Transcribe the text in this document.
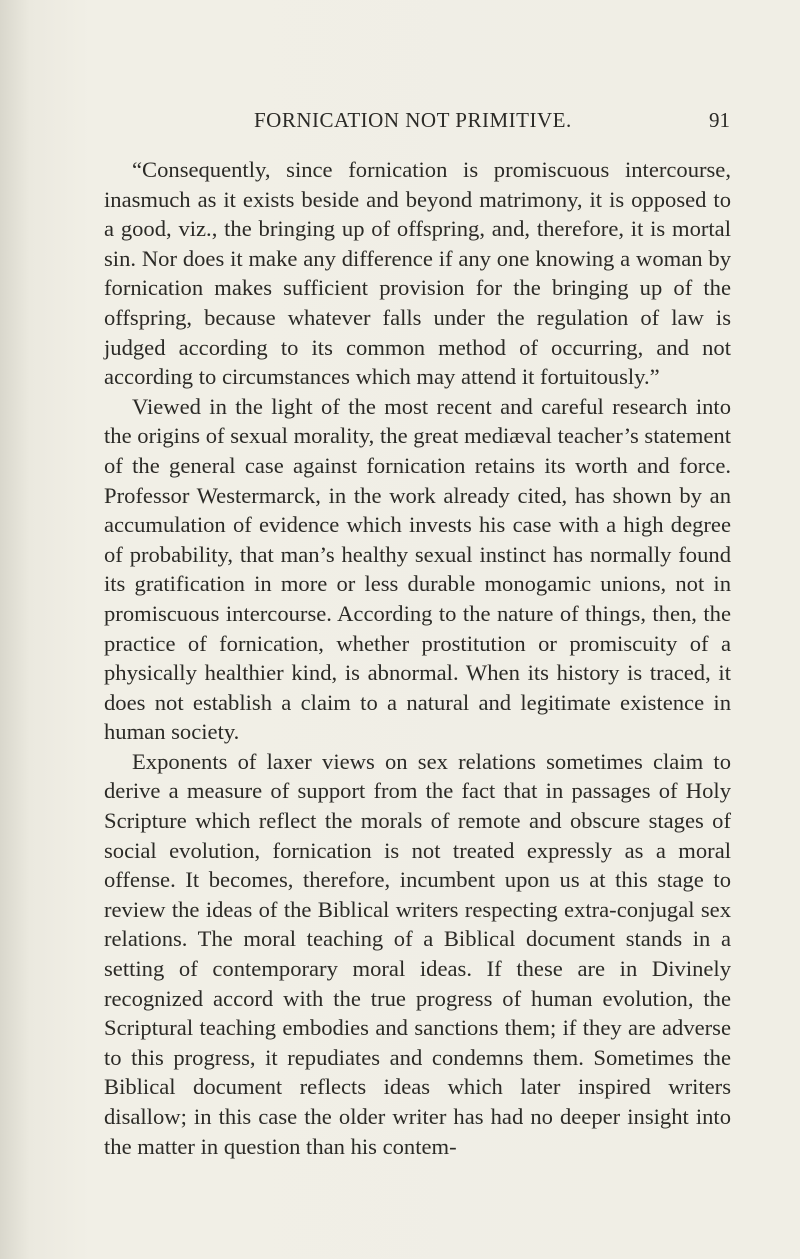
FORNICATION NOT PRIMITIVE.	91

“Consequently, since fornication is promiscuous intercourse, inasmuch as it exists beside and beyond matrimony, it is opposed to a good, viz., the bringing up of offspring, and, therefore, it is mortal sin. Nor does it make any difference if any one knowing a woman by fornication makes sufficient provision for the bringing up of the offspring, because whatever falls under the regulation of law is judged according to its common method of occurring, and not according to circumstances which may attend it fortuitously.”

Viewed in the light of the most recent and careful research into the origins of sexual morality, the great mediæval teacher’s statement of the general case against fornication retains its worth and force. Professor Westermarck, in the work already cited, has shown by an accumulation of evidence which invests his case with a high degree of probability, that man’s healthy sexual instinct has normally found its gratification in more or less durable monogamic unions, not in promiscuous intercourse. According to the nature of things, then, the practice of fornication, whether prostitution or promiscuity of a physically healthier kind, is abnormal. When its history is traced, it does not establish a claim to a natural and legitimate existence in human society.

Exponents of laxer views on sex relations sometimes claim to derive a measure of support from the fact that in passages of Holy Scripture which reflect the morals of remote and obscure stages of social evolution, fornication is not treated expressly as a moral offense. It becomes, therefore, incumbent upon us at this stage to review the ideas of the Biblical writers respecting extra-conjugal sex relations. The moral teaching of a Biblical document stands in a setting of contemporary moral ideas. If these are in Divinely recognized accord with the true progress of human evolution, the Scriptural teaching embodies and sanctions them; if they are adverse to this progress, it repudiates and condemns them. Sometimes the Biblical document reflects ideas which later inspired writers disallow; in this case the older writer has had no deeper insight into the matter in question than his contem-
